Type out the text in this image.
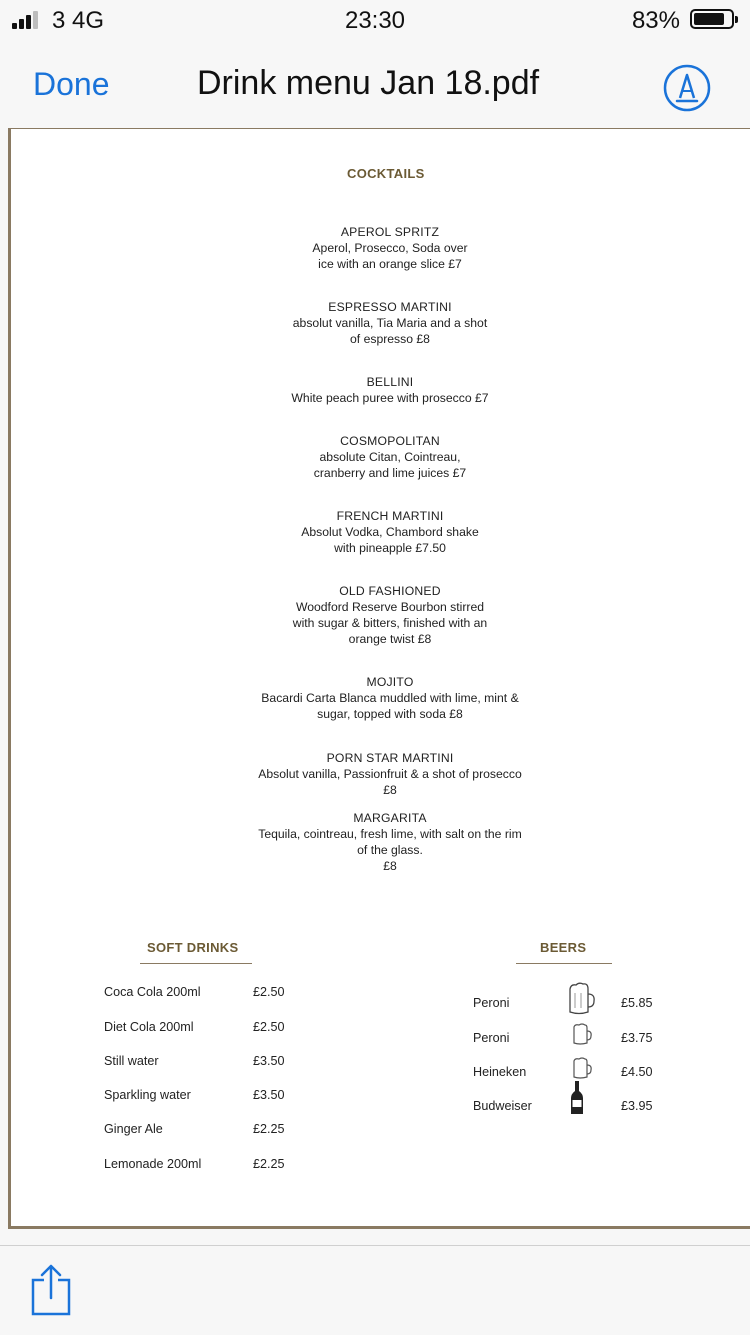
3 4G	23:30	83%
Done	Drink menu Jan 18.pdf
COCKTAILS
APEROL SPRITZ
Aperol, Prosecco, Soda over
ice with an orange slice £7
ESPRESSO MARTINI
absolut vanilla, Tia Maria and a shot
of espresso £8
BELLINI
White peach puree with prosecco £7
COSMOPOLITAN
absolute Citan, Cointreau,
cranberry and lime juices £7
FRENCH MARTINI
Absolut Vodka, Chambord shake
with pineapple £7.50
OLD FASHIONED
Woodford Reserve Bourbon stirred
with sugar & bitters, finished with an
orange twist £8
MOJITO
Bacardi Carta Blanca muddled with lime, mint &
sugar, topped with soda £8
PORN STAR MARTINI
Absolut vanilla, Passionfruit & a shot of prosecco
£8
MARGARITA
Tequila, cointreau, fresh lime, with salt on the rim
of the glass.
£8
SOFT DRINKS
Coca Cola 200ml	£2.50
Diet Cola 200ml	£2.50
Still water	£3.50
Sparkling water	£3.50
Ginger Ale	£2.25
Lemonade 200ml	£2.25
BEERS
Peroni	£5.85
Peroni	£3.75
Heineken	£4.50
Budweiser	£3.95
